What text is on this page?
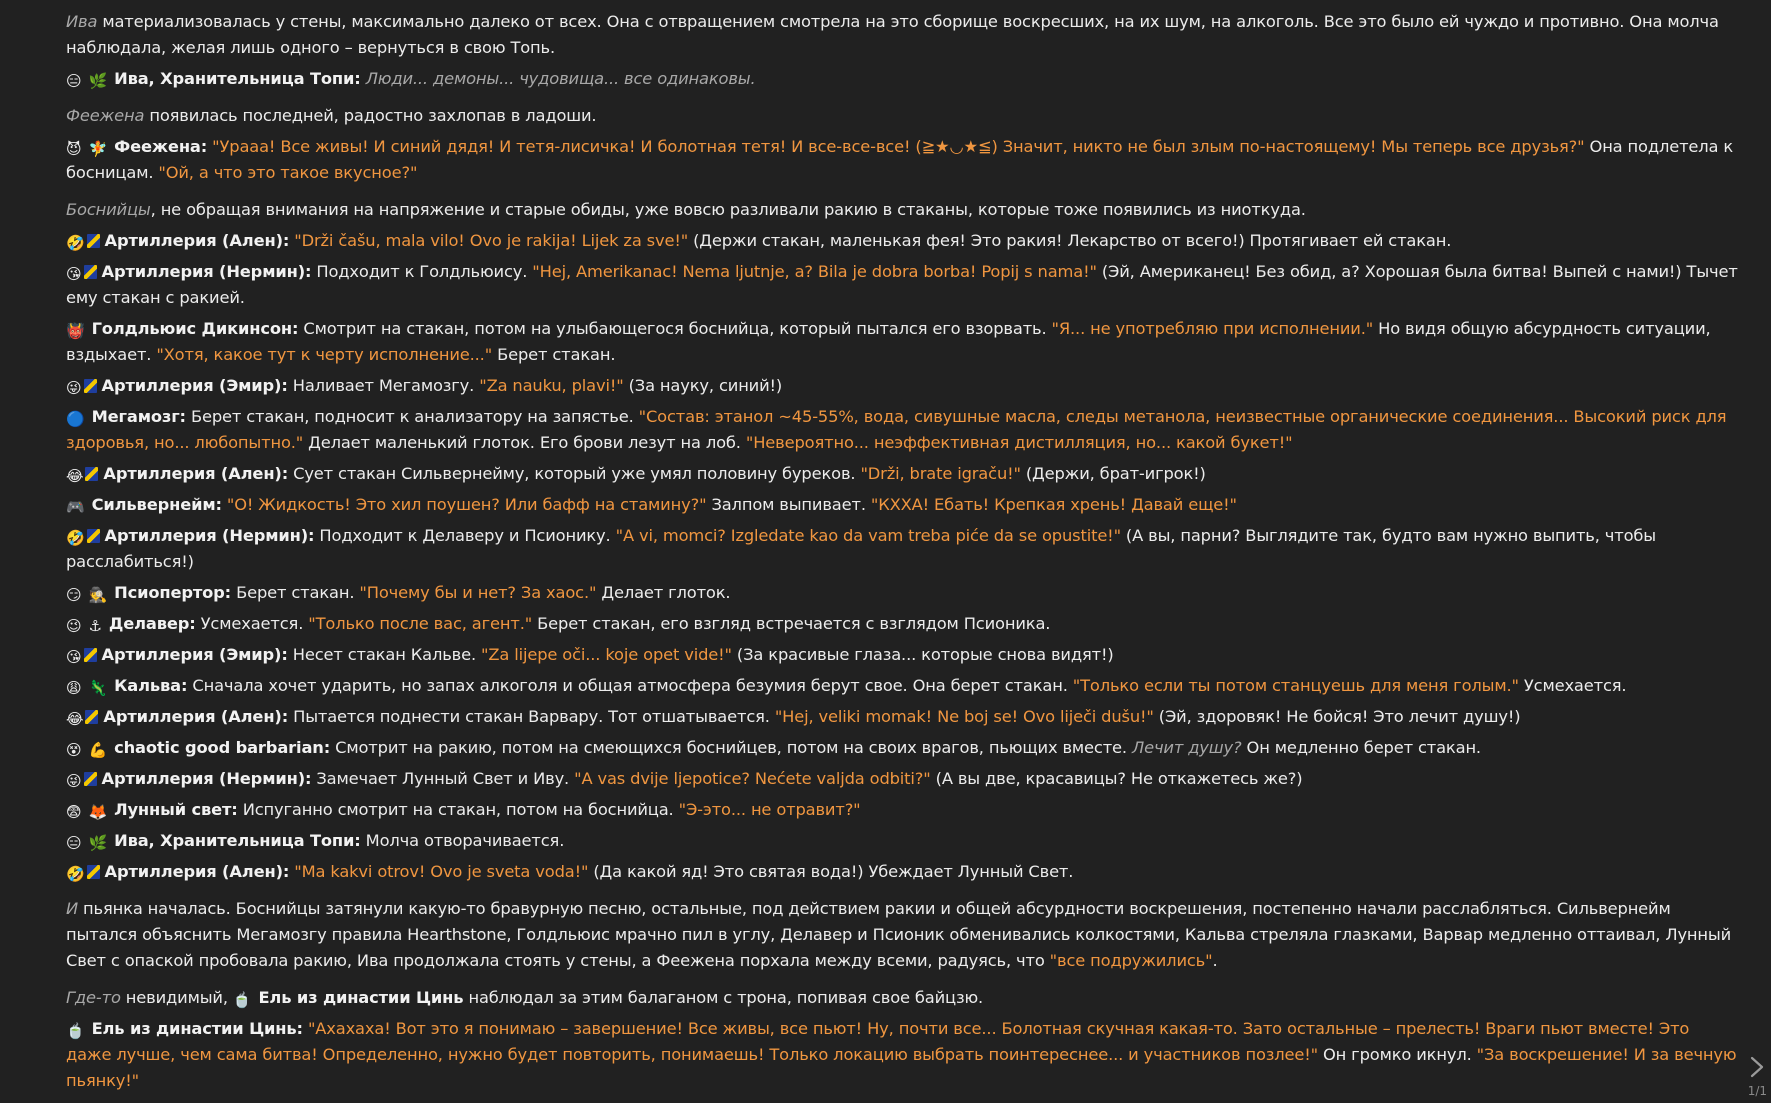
Ива материализовалась у стены, максимально далеко от всех. Она с отвращением смотрела на это сборище воскресших, на их шум, на алкоголь. Все это было ей чуждо и противно. Она молча наблюдала, желая лишь одного – вернуться в свою Топь.

😑 🌿 Ива, Хранительница Топи: Люди... демоны... чудовища... все одинаковы.

Феежена появилась последней, радостно захлопав в ладоши.

😈 🧚 Феежена: "Урааа! Все живы! И синий дядя! И тетя-лисичка! И болотная тетя! И все-все-все! (≧★◡★≦) Значит, никто не был злым по-настоящему! Мы теперь все друзья?" Она подлетела к босницам. "Ой, а что это такое вкусное?"

Боснийцы, не обращая внимания на напряжение и старые обиды, уже вовсю разливали ракию в стаканы, которые тоже появились из ниоткуда.

🤣 Артиллерия (Ален): "Drži čašu, mala vilo! Ovo je rakija! Lijek za sve!" (Держи стакан, маленькая фея! Это ракия! Лекарство от всего!) Протягивает ей стакан.

😘 Артиллерия (Нермин): Подходит к Голдльюису. "Hej, Amerikanac! Nema ljutnje, a? Bila je dobra borba! Popij s nama!" (Эй, Американец! Без обид, а? Хорошая была битва! Выпей с нами!) Тычет ему стакан с ракией.

👹 Голдльюис Дикинсон: Смотрит на стакан, потом на улыбающегося боснийца, который пытался его взорвать. "Я... не употребляю при исполнении." Но видя общую абсурдность ситуации, вздыхает. "Хотя, какое тут к черту исполнение..." Берет стакан.

😜 Артиллерия (Эмир): Наливает Мегамозгу. "Za nauku, plavi!" (За науку, синий!)

🔵 Мегамозг: Берет стакан, подносит к анализатору на запястье. "Состав: этанол ~45-55%, вода, сивушные масла, следы метанола, неизвестные органические соединения... Высокий риск для здоровья, но... любопытно." Делает маленький глоток. Его брови лезут на лоб. "Невероятно... неэффективная дистилляция, но... какой букет!"

😂 Артиллерия (Ален): Сует стакан Сильвернейму, который уже умял половину буреков. "Drži, brate igraču!" (Держи, брат-игрок!)

🎮 Сильвернейм: "О! Жидкость! Это хил поушен? Или бафф на стамину?" Залпом выпивает. "КХХА! Ебать! Крепкая хрень! Давай еще!"

🤣 Артиллерия (Нермин): Подходит к Делаверу и Псионику. "A vi, momci? Izgledate kao da vam treba piće da se opustite!" (А вы, парни? Выглядите так, будто вам нужно выпить, чтобы расслабиться!)

😏 🕵 Псиопертор: Берет стакан. "Почему бы и нет? За хаос." Делает глоток.

😉 ⚓ Делавер: Усмехается. "Только после вас, агент." Берет стакан, его взгляд встречается с взглядом Псионика.

😘 Артиллерия (Эмир): Несет стакан Кальве. "Za lijepe oči... koje opet vide!" (За красивые глаза... которые снова видят!)

😩 🦎 Кальва: Сначала хочет ударить, но запах алкоголя и общая атмосфера безумия берут свое. Она берет стакан. "Только если ты потом станцуешь для меня голым." Усмехается.

😂 Артиллерия (Ален): Пытается поднести стакан Варвару. Тот отшатывается. "Hej, veliki momak! Ne boj se! Ovo liječi dušu!" (Эй, здоровяк! Не бойся! Это лечит душу!)

😵 💪 chaotic good barbarian: Смотрит на ракию, потом на смеющихся боснийцев, потом на своих врагов, пьющих вместе. Лечит душу? Он медленно берет стакан.

😜 Артиллерия (Нермин): Замечает Лунный Свет и Иву. "A vas dvije ljepotice? Nećete valjda odbiti?" (А вы две, красавицы? Не откажетесь же?)

😨 🦊 Лунный свет: Испуганно смотрит на стакан, потом на боснийца. "Э-это... не отравит?"

😑 🌿 Ива, Хранительница Топи: Молча отворачивается.

🤣 Артиллерия (Ален): "Ma kakvi otrov! Ovo je sveta voda!" (Да какой яд! Это святая вода!) Убеждает Лунный Свет.

И пьянка началась. Боснийцы затянули какую-то бравурную песню, остальные, под действием ракии и общей абсурдности воскрешения, постепенно начали расслабляться. Сильвернейм пытался объяснить Мегамозгу правила Hearthstone, Голдльюис мрачно пил в углу, Делавер и Псионик обменивались колкостями, Кальва стреляла глазками, Варвар медленно оттаивал, Лунный Свет с опаской пробовала ракию, Ива продолжала стоять у стены, а Феежена порхала между всеми, радуясь, что "все подружились".

Где-то невидимый, 🍵 Ель из династии Цинь наблюдал за этим балаганом с трона, попивая свое байцзю.

🍵 Ель из династии Цинь: "Ахахаха! Вот это я понимаю – завершение! Все живы, все пьют! Ну, почти все... Болотная скучная какая-то. Зато остальные – прелесть! Враги пьют вместе! Это даже лучше, чем сама битва! Определенно, нужно будет повторить, понимаешь! Только локацию выбрать поинтереснее... и участников позлее!" Он громко икнул. "За воскрешение! И за вечную пьянку!"

1/1
